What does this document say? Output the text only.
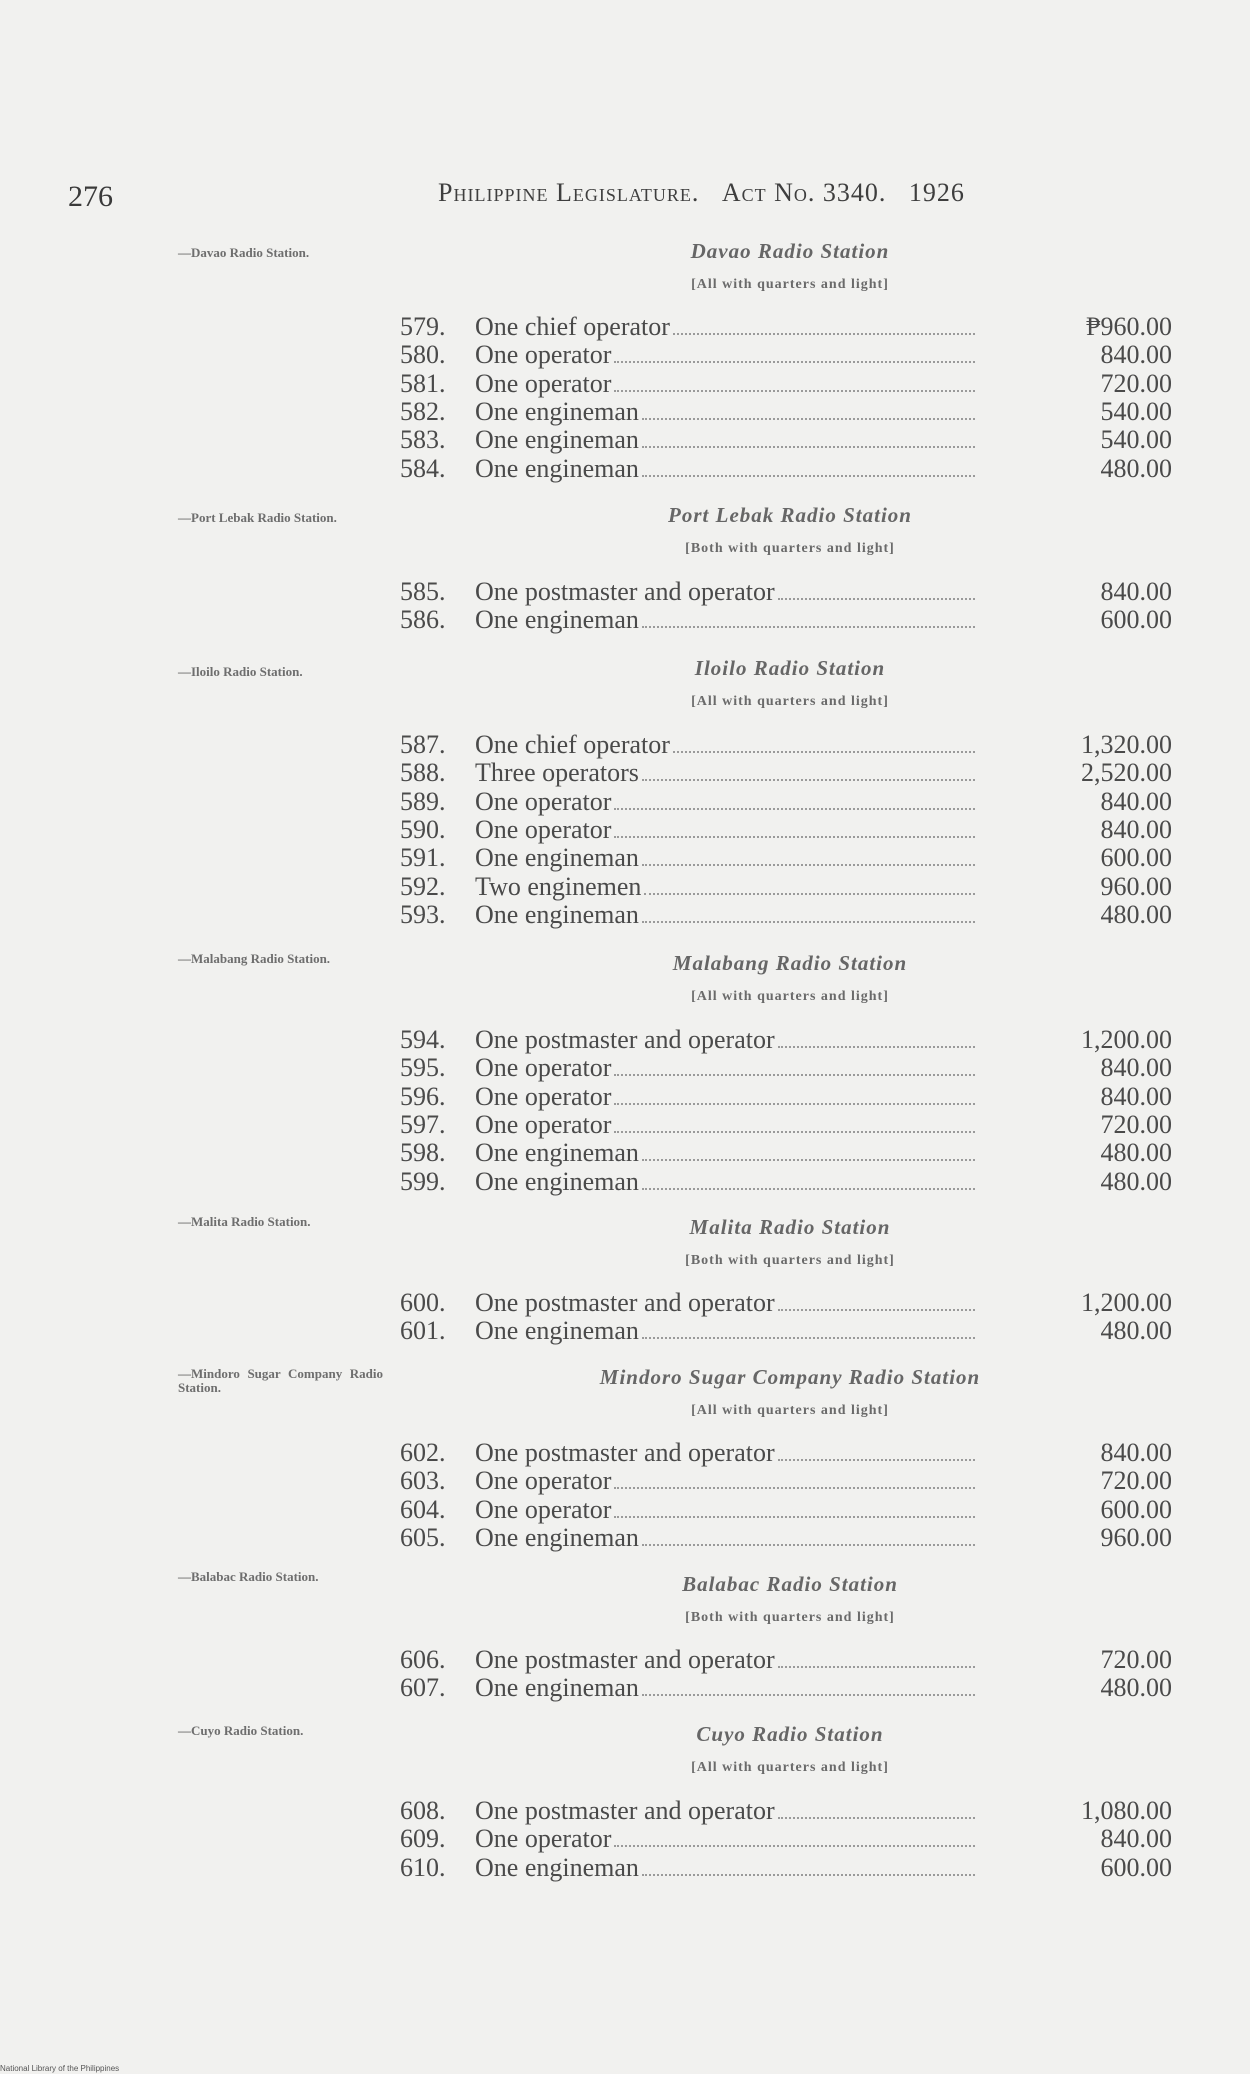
276	Philippine Legislature. Act No. 3340. 1926
—Davao Radio Station.	Davao Radio Station
[All with quarters and light]
579.	One chief operator	₱960.00
580.	One operator	840.00
581.	One operator	720.00
582.	One engineman	540.00
583.	One engineman	540.00
584.	One engineman	480.00
—Port Lebak Radio Station.	Port Lebak Radio Station
[Both with quarters and light]
585.	One postmaster and operator	840.00
586.	One engineman	600.00
—Iloilo Radio Station.	Iloilo Radio Station
[All with quarters and light]
587.	One chief operator	1,320.00
588.	Three operators	2,520.00
589.	One operator	840.00
590.	One operator	840.00
591.	One engineman	600.00
592.	Two enginemen	960.00
593.	One engineman	480.00
—Malabang Radio Station.	Malabang Radio Station
[All with quarters and light]
594.	One postmaster and operator	1,200.00
595.	One operator	840.00
596.	One operator	840.00
597.	One operator	720.00
598.	One engineman	480.00
599.	One engineman	480.00
—Malita Radio Station.	Malita Radio Station
[Both with quarters and light]
600.	One postmaster and operator	1,200.00
601.	One engineman	480.00
—Mindoro Sugar Company Radio Station.	Mindoro Sugar Company Radio Station
[All with quarters and light]
602.	One postmaster and operator	840.00
603.	One operator	720.00
604.	One operator	600.00
605.	One engineman	960.00
—Balabac Radio Station.	Balabac Radio Station
[Both with quarters and light]
606.	One postmaster and operator	720.00
607.	One engineman	480.00
—Cuyo Radio Station.	Cuyo Radio Station
[All with quarters and light]
608.	One postmaster and operator	1,080.00
609.	One operator	840.00
610.	One engineman	600.00
National Library of the Philippines
